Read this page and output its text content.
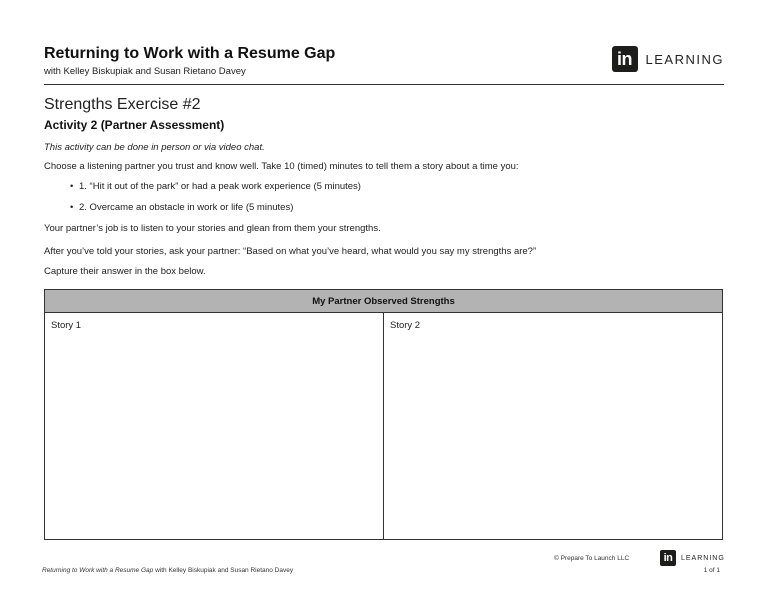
Returning to Work with a Resume Gap
with Kelley Biskupiak and Susan Rietano Davey
in	LEARNING
Strengths Exercise #2
Activity 2 (Partner Assessment)
This activity can be done in person or via video chat.
Choose a listening partner you trust and know well. Take 10 (timed) minutes to tell them a story about a time you:
• 1. “Hit it out of the park” or had a peak work experience (5 minutes)
• 2. Overcame an obstacle in work or life (5 minutes)
Your partner’s job is to listen to your stories and glean from them your strengths.
After you’ve told your stories, ask your partner: “Based on what you’ve heard, what would you say my strengths are?”
Capture their answer in the box below.
My Partner Observed Strengths
Story 1	Story 2
Returning to Work with a Resume Gap with Kelley Biskupiak and Susan Rietano Davey
© Prepare To Launch LLC	in	LEARNING
1 of 1
